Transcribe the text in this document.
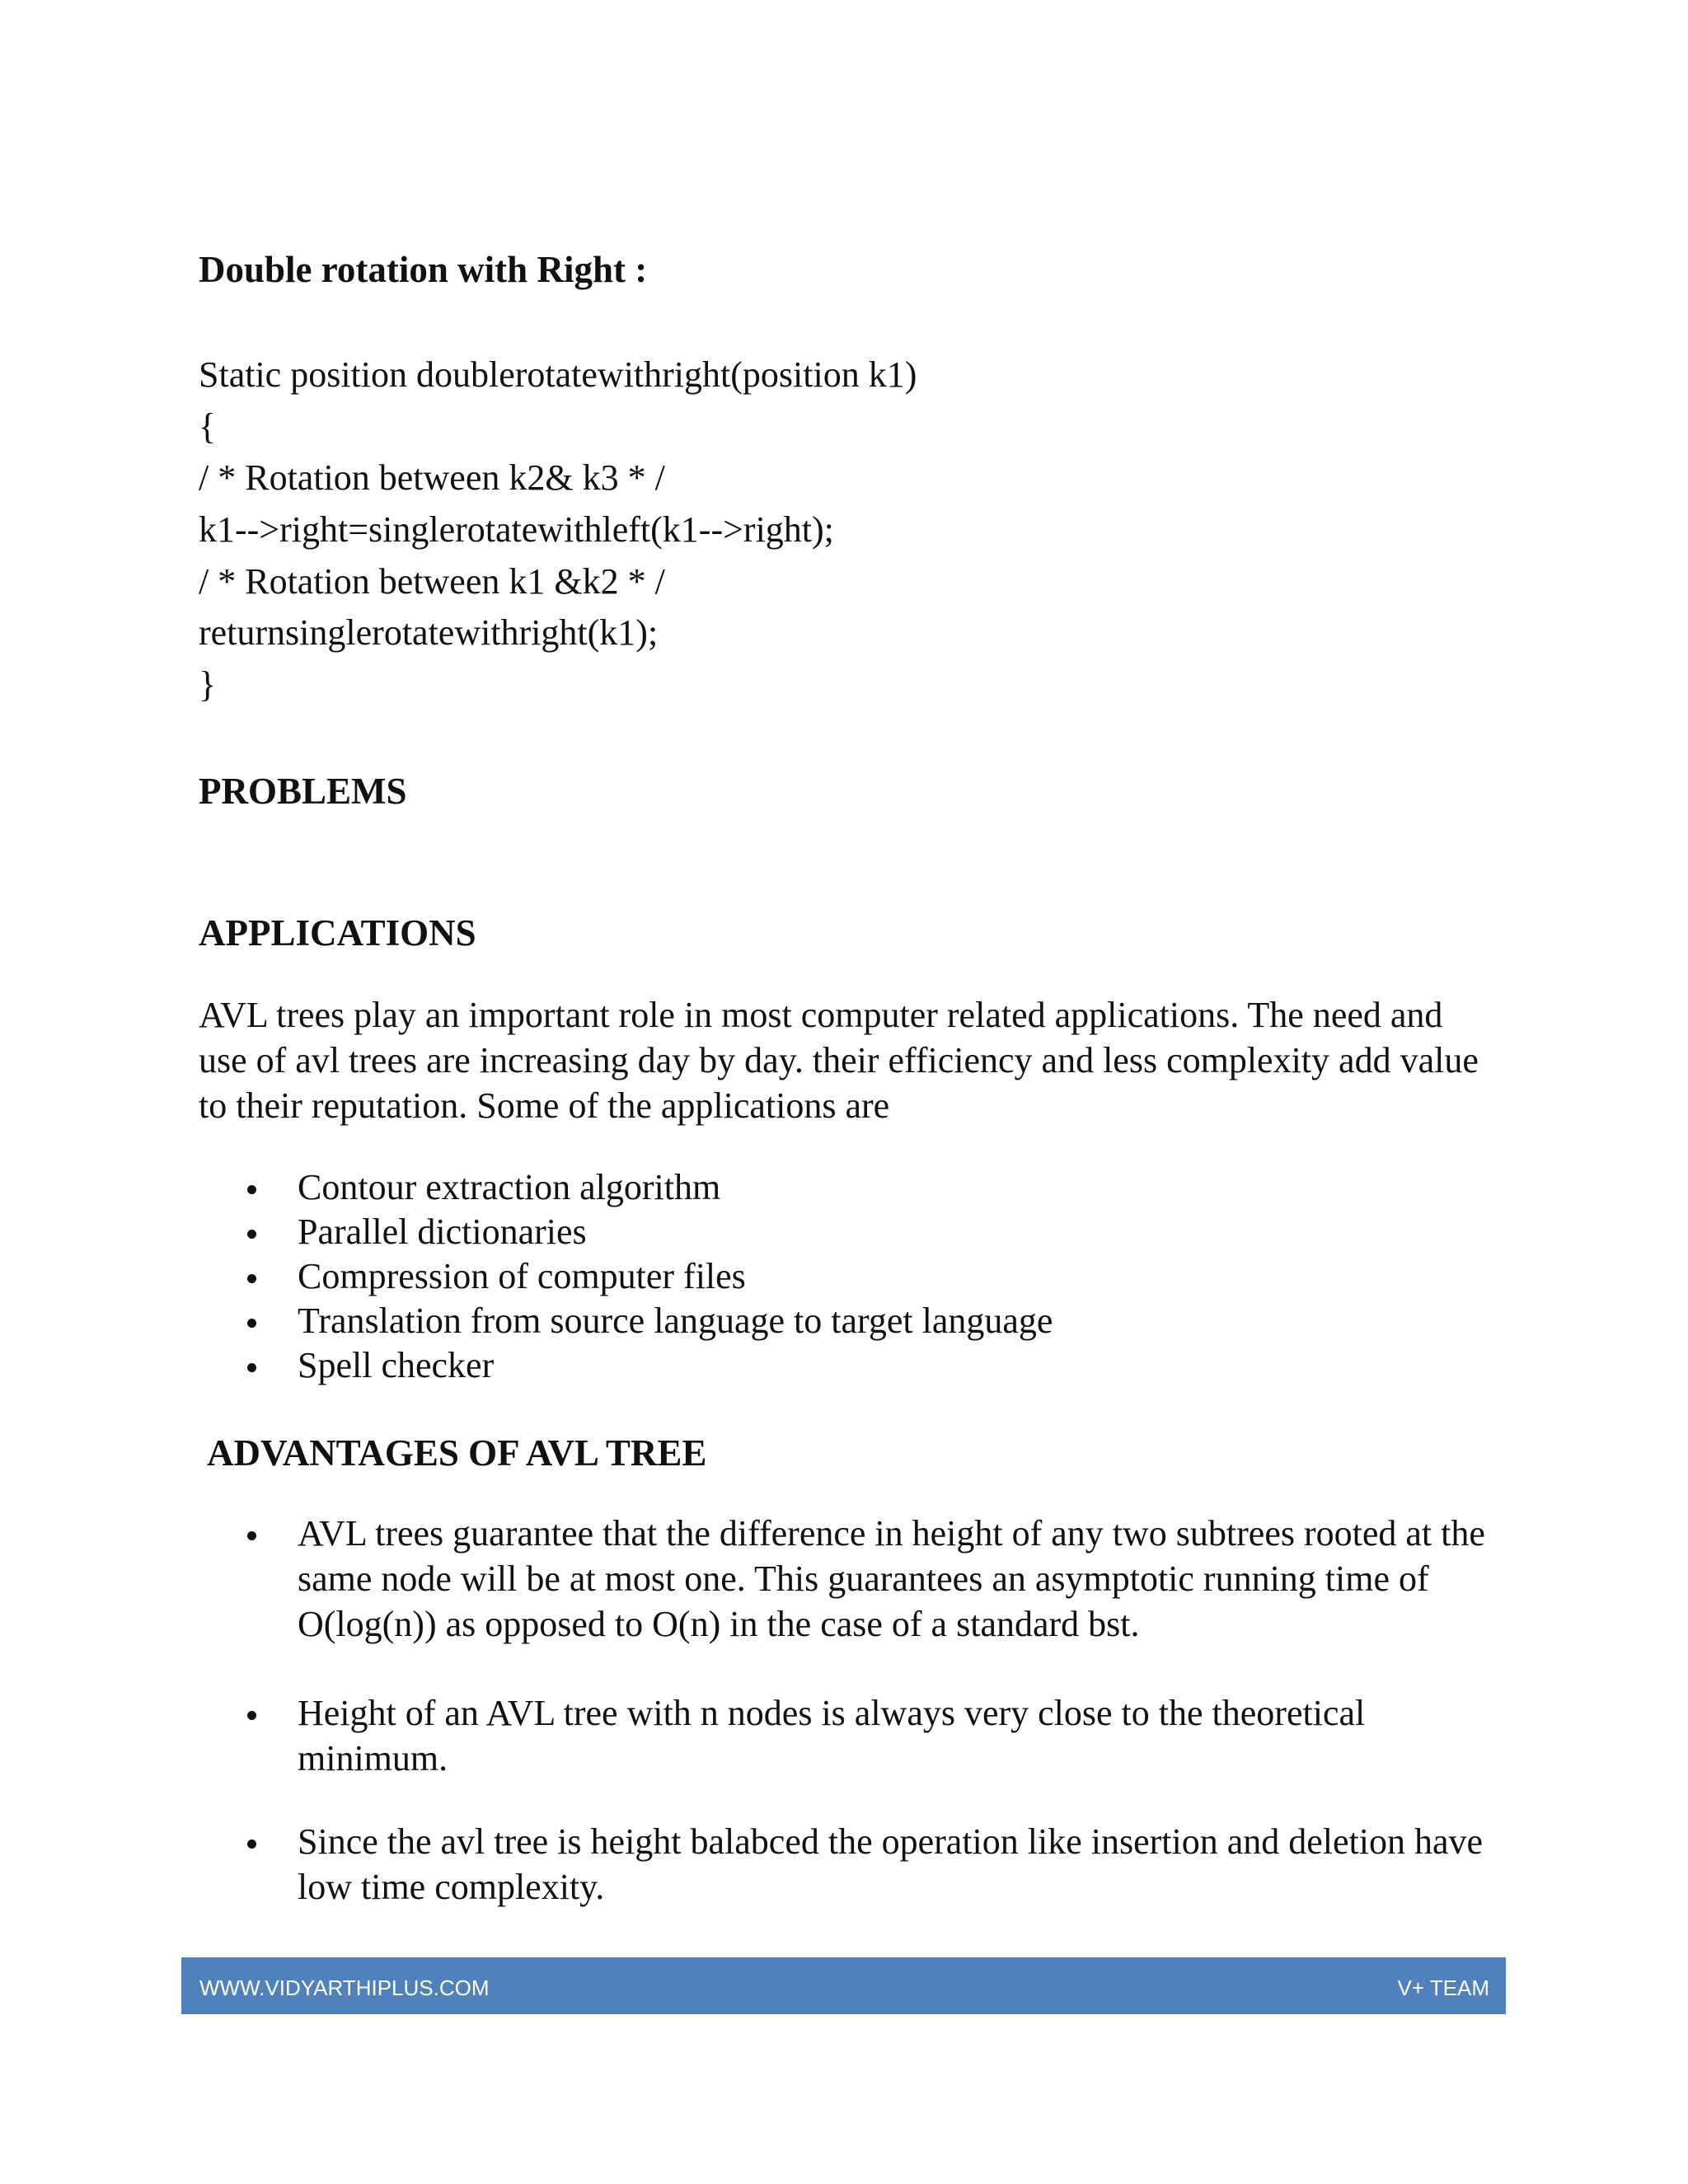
Double rotation with Right :
Static position doublerotatewithright(position k1)
{
/ * Rotation between k2& k3 * /
k1-->right=singlerotatewithleft(k1-->right);
/ * Rotation between k1 &k2 * /
returnsinglerotatewithright(k1);
}
PROBLEMS
APPLICATIONS

AVL trees play an important role in most computer related applications. The need and use of avl trees are increasing day by day. their efficiency and less complexity add value to their reputation. Some of the applications are

Contour extraction algorithm

Parallel dictionaries

Compression of computer files

Translation from source language to target language

Spell checker

ADVANTAGES OF AVL TREE

AVL trees guarantee that the difference in height of any two subtrees rooted at the same node will be at most one. This guarantees an asymptotic running time of O(log(n)) as opposed to O(n) in the case of a standard bst.

Height of an AVL tree with n nodes is always very close to the theoretical minimum.

Since the avl tree is height balabced the operation like insertion and deletion have low time complexity.

WWW.VIDYARTHIPLUS.COM	V+ TEAM
